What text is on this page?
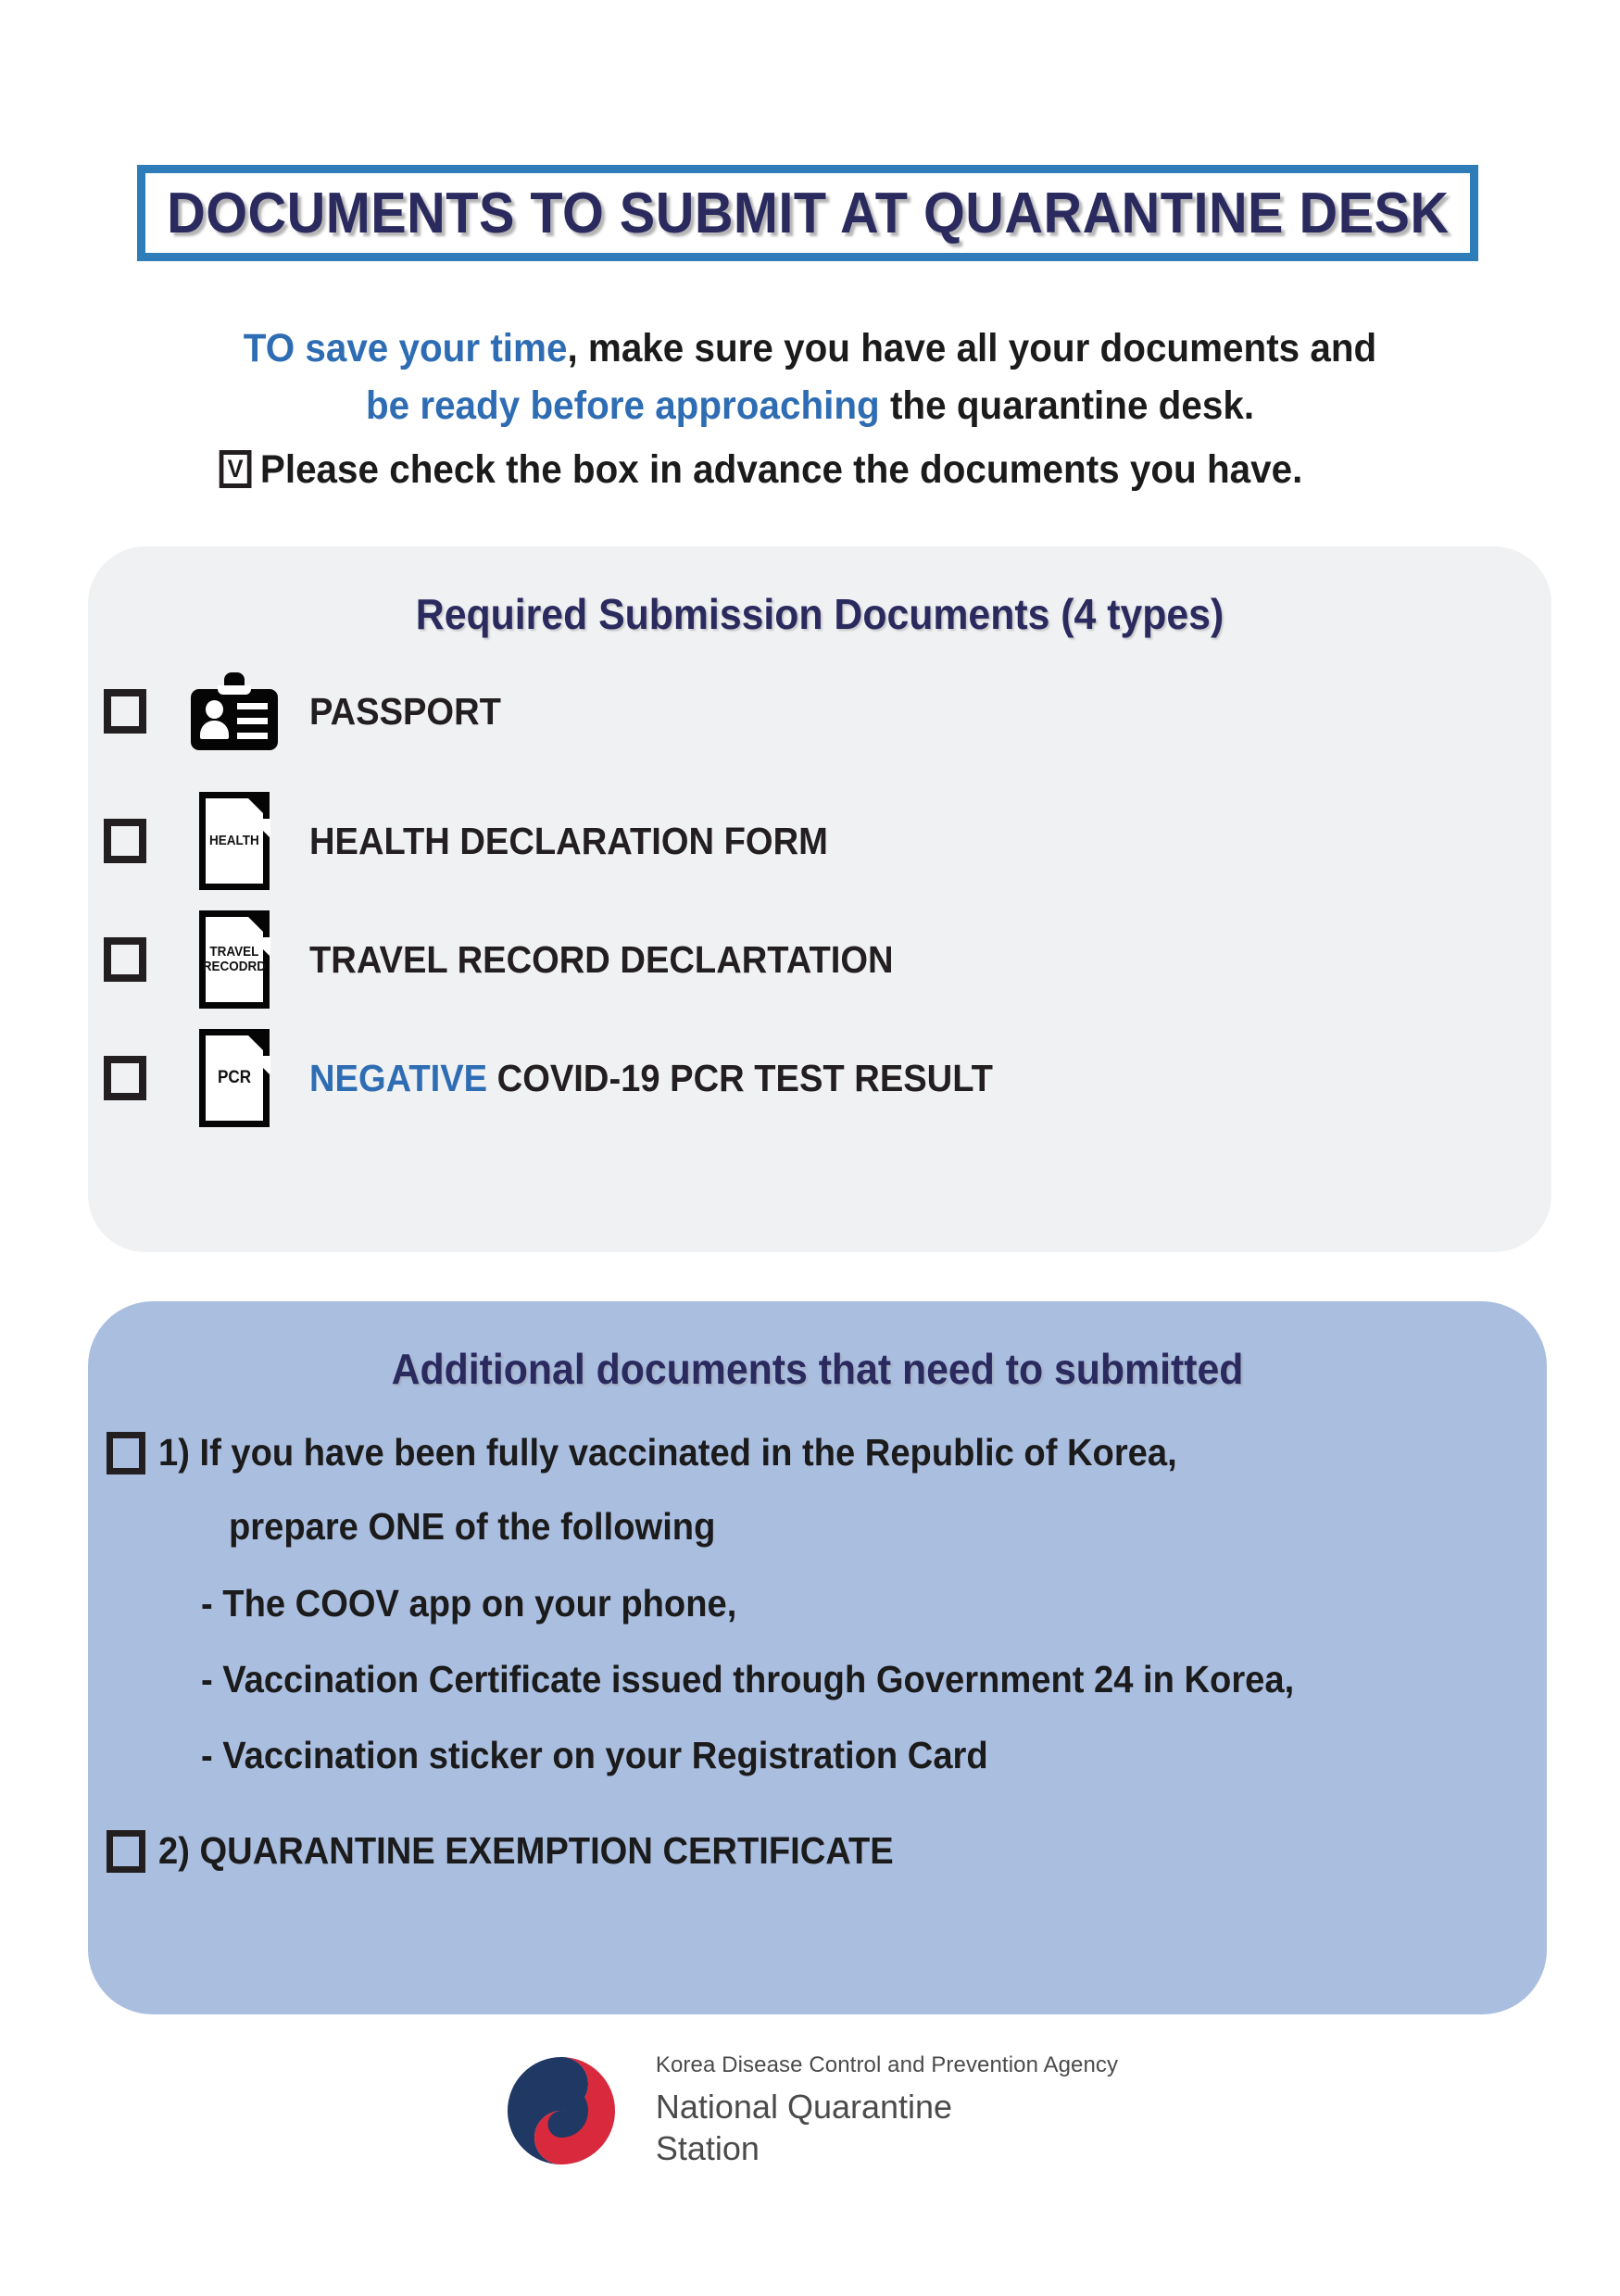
DOCUMENTS TO SUBMIT AT QUARANTINE DESK
TO save your time, make sure you have all your documents and
be ready before approaching the quarantine desk.
V Please check the box in advance the documents you have.
Required Submission Documents (4 types)
PASSPORT
HEALTH HEALTH DECLARATION FORM
TRAVEL
RECODRD TRAVEL RECORD DECLARTATION
PCR NEGATIVE COVID-19 PCR TEST RESULT
Additional documents that need to submitted
1) If you have been fully vaccinated in the Republic of Korea,
prepare ONE of the following
- The COOV app on your phone,
- Vaccination Certificate issued through Government 24 in Korea,
- Vaccination sticker on your Registration Card
2) QUARANTINE EXEMPTION CERTIFICATE
Korea Disease Control and Prevention Agency
National Quarantine
Station
